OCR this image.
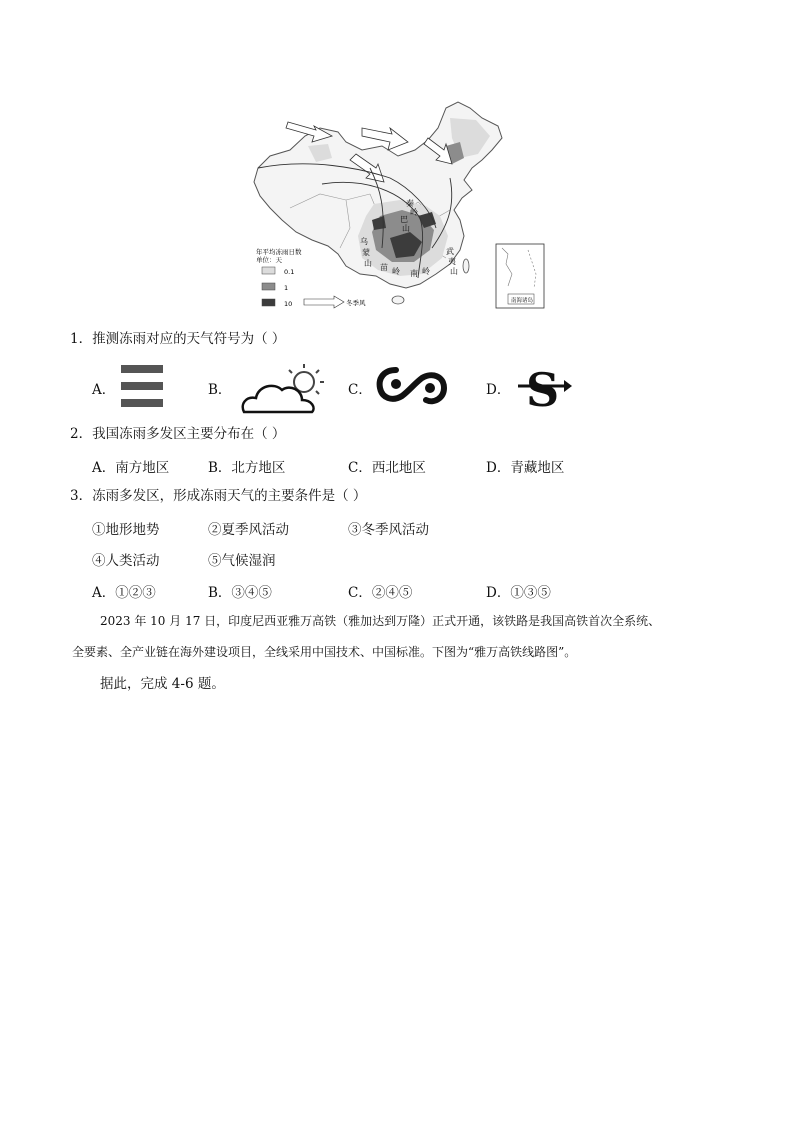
秦 岭 巴 山 乌 蒙 山 苗 岭 南 岭 武 夷 山
年平均冻雨日数
单位：天
0.1
1
10	冬季风	南海诸岛
1．推测冻雨对应的天气符号为（ ）
A．	B．	C．	D． S
2．我国冻雨多发区主要分布在（ ）
A．南方地区	B．北方地区	C．西北地区	D．青藏地区
3．冻雨多发区，形成冻雨天气的主要条件是（ ）
①地形地势	②夏季风活动	③冬季风活动
④人类活动	⑤气候湿润
A．①②③	B．③④⑤	C．②④⑤	D．①③⑤
2023 年 10 月 17 日，印度尼西亚雅万高铁（雅加达到万隆）正式开通，该铁路是我国高铁首次全系统、
全要素、全产业链在海外建设项目，全线采用中国技术、中国标准。下图为“雅万高铁线路图”。
据此，完成 4-6 题。
